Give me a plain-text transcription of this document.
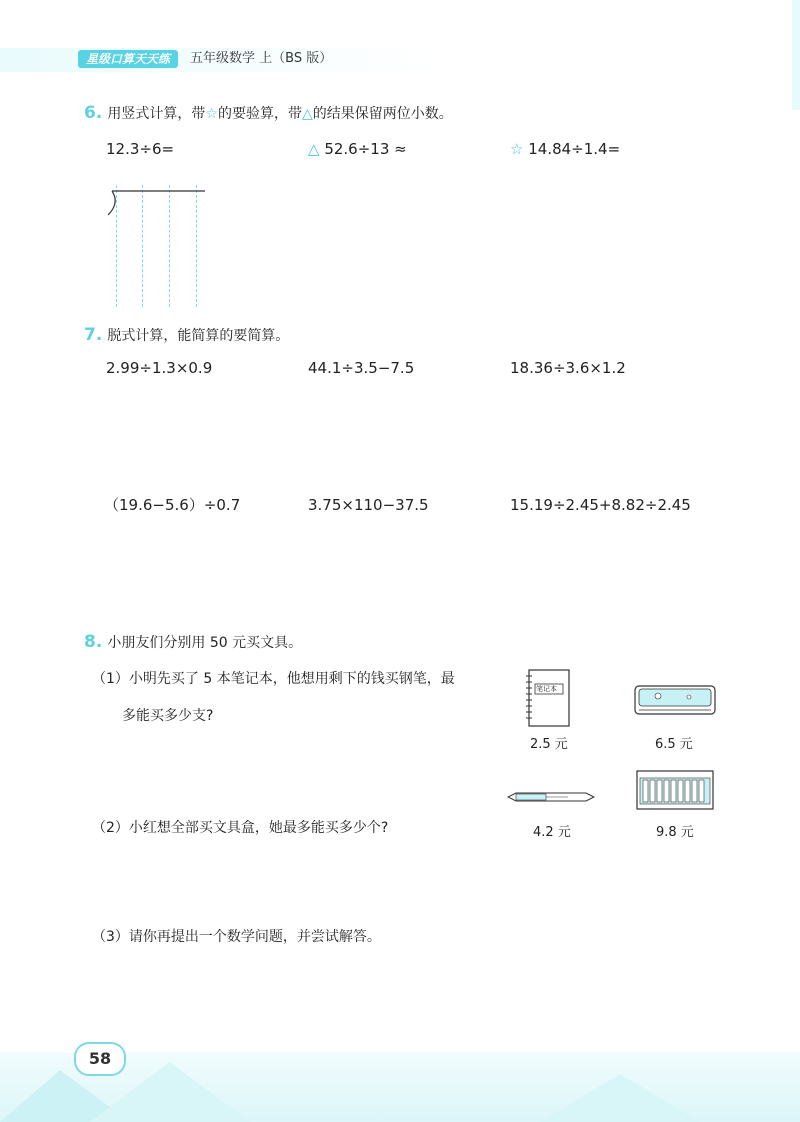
星级口算天天练	五年级数学 上（BS 版）
6. 用竖式计算，带☆的要验算，带△的结果保留两位小数。
12.3÷6=	△ 52.6÷13 ≈	☆ 14.84÷1.4=
7. 脱式计算，能简算的要简算。
2.99÷1.3×0.9	44.1÷3.5−7.5	18.36÷3.6×1.2
（19.6−5.6）÷0.7	3.75×110−37.5	15.19÷2.45+8.82÷2.45
8. 小朋友们分别用 50 元买文具。
（1）小明先买了 5 本笔记本，他想用剩下的钱买钢笔，最
多能买多少支?
（2）小红想全部买文具盒，她最多能买多少个?
（3）请你再提出一个数学问题，并尝试解答。
笔记本
2.5 元	6.5 元
4.2 元	9.8 元
58
